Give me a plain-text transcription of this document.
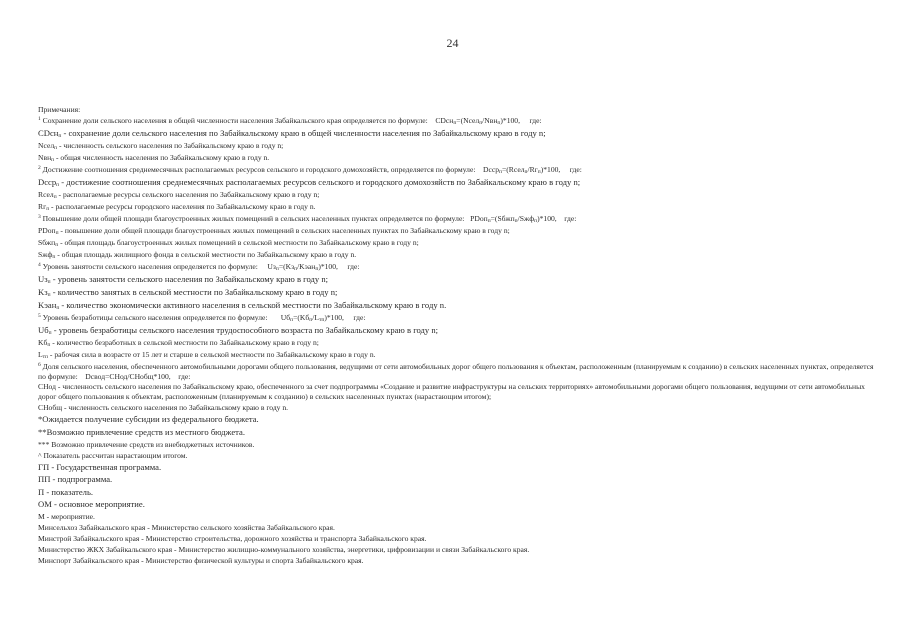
24
Примечания:
$^1$ Сохранение доли сельского населения в общей численности населения Забайкальского края определяется по формуле:    CDсн$_п$=(Nсел$_п$/Nвн$_п$)*100,     где:
CDсн$_п$ - сохранение доли сельского населения по Забайкальскому краю в общей численности населения по Забайкальскому краю в году n;
Nсел$_п$ - численность сельского населения по Забайкальскому краю в году n;
Nвн$_п$ - общая численность населения по Забайкальскому краю в году n.
$^2$ Достижение соотношения среднемесячных располагаемых ресурсов сельского и городского домохозяйств, определяется по формуле:    $Dсср_п=(Rсел_п/Rг_п)*100$,     где:
Dсср$_п$ - достижение соотношения среднемесячных располагаемых ресурсов сельского и городского домохозяйств по Забайкальскому краю в году n;
Rсел$_п$ - располагаемые ресурсы сельского населения по Забайкальскому краю в году n;
$Rг_п$ - располагаемые ресурсы городского населения по Забайкальскому краю в году n.
$^3$ Повышение доли общей площади благоустроенных жилых помещений в сельских населенных пунктах определяется по формуле:   PDоп$_п$=(Sбжп$_п$/Sжф$_п$)*100,    где:
PDоп$_п$ - повышение доли общей площади благоустроенных жилых помещений в сельских населенных пунктах по Забайкальскому краю в году n;
Sбжп$_п$ - общая площадь благоустроенных жилых помещений в сельской местности по Забайкальскому краю в году n;
Sжф$_п$ - общая площадь жилищного фонда в сельской местности по Забайкальскому краю в году n.
$^4$ Уровень занятости сельского населения определяется по формуле:     $Uз_п=(Kз_п/Kэан_п)*100$,     где:
$Uз_п$ - уровень занятости сельского населения по Забайкальскому краю в году n;
$Kз_п$ - количество занятых в сельской местности по Забайкальскому краю в году n;
Kэан$_п$ - количество экономически активного населения в сельской местности по Забайкальскому краю в году n.
$^5$ Уровень безработицы сельского населения определяется по формуле:       $Uб_п=(Kб_п/L_{тп})*100$,     где:
$Uб_п$ - уровень безработицы сельского населения трудоспособного возраста по Забайкальскому краю в году n;
$Kб_п$ - количество безработных в сельской местности по Забайкальскому краю в году n;
$L_{тп}$ - рабочая сила в возрасте от 15 лет и старше в сельской местности по Забайкальскому краю в году n.
$^6$ Доля сельского населения, обеспеченного автомобильными дорогами общего пользования, ведущими от сети автомобильных дорог общего пользования к объектам, расположенным (планируемым к созданию) в сельских населенных пунктах, определяется по формуле:    Dсвод=CНод/CНобщ*100,    где:
CНод - численность сельского населения по Забайкальскому краю, обеспеченного за счет подпрограммы «Создание и развитие инфраструктуры на сельских территориях» автомобильными дорогами общего пользования, ведущими от сети автомобильных дорог общего пользования к объектам, расположенным (планируемым к созданию) в сельских населенных пунктах (нарастающим итогом);
CНобщ - численность сельского населения по Забайкальскому краю в году n.
*Ожидается получение субсидии из федерального бюджета.
**Возможно привлечение средств из местного бюджета.
*** Возможно привлечение средств из внебюджетных источников.
^ Показатель рассчитан нарастающим итогом.
ГП - Государственная программа.
ПП - подпрограмма.
П - показатель.
ОМ - основное мероприятие.
М - мероприятие.
Минсельхоз Забайкальского края - Министерство сельского хозяйства Забайкальского края.
Минстрой Забайкальского края - Министерство строительства, дорожного хозяйства и транспорта Забайкальского края.
Министерство ЖКХ Забайкальского края - Министерство жилищно-коммунального хозяйства, энергетики, цифровизации и связи Забайкальского края.
Минспорт Забайкальского края - Министерство физической культуры и спорта Забайкальского края.
